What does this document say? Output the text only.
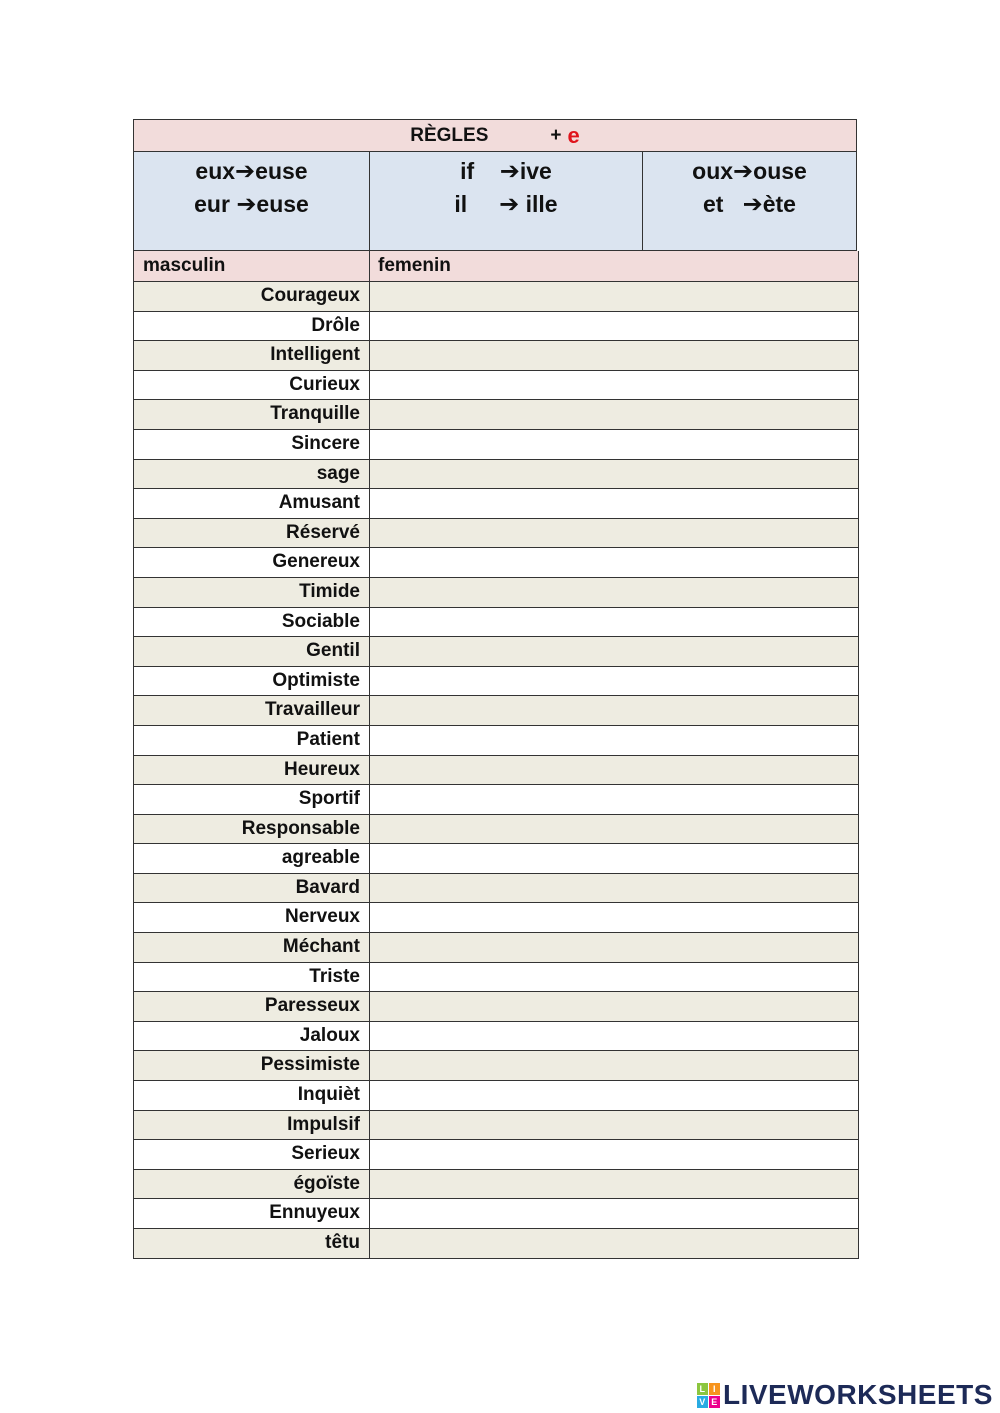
RÈGLES	+ e
eux➔euse
eur ➔euse
if    ➔ive
il     ➔ ille
oux➔ouse
et   ➔ète
masculin	femenin
Courageux
Drôle
Intelligent
Curieux
Tranquille
Sincere
sage
Amusant
Réservé
Genereux
Timide
Sociable
Gentil
Optimiste
Travailleur
Patient
Heureux
Sportif
Responsable
agreable
Bavard
Nerveux
Méchant
Triste
Paresseux
Jaloux
Pessimiste
Inquièt
Impulsif
Serieux
égoïste
Ennuyeux
têtu
L I
V E LIVEWORKSHEETS
